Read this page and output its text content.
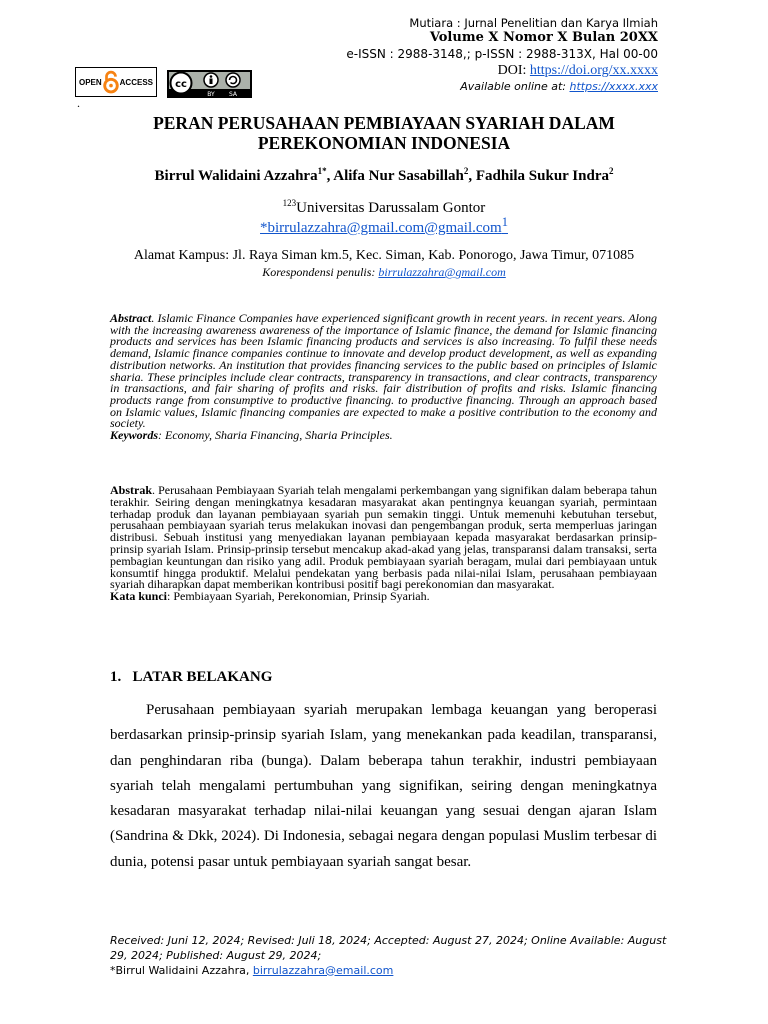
Mutiara : Jurnal Penelitian dan Karya Ilmiah
Volume X Nomor X Bulan 20XX
e-ISSN : 2988-3148,; p-ISSN : 2988-313X, Hal 00-00
DOI: https://doi.org/xx.xxxx
Available online at: https://xxxx.xxx
OPEN ACCESS cc
BY SA
.
PERAN PERUSAHAAN PEMBIAYAAN SYARIAH DALAM
PEREKONOMIAN INDONESIA
Birrul Walidaini Azzahra$^{1*}$, Alifa Nur Sasabillah$^2$, Fadhila Sukur Indra$^2$
$^{123}$Universitas Darussalam Gontor
*birrulazzahra@gmail.com@gmail.com$^1$
Alamat Kampus: Jl. Raya Siman km.5, Kec. Siman, Kab. Ponorogo, Jawa Timur, 071085
Korespondensi penulis: birrulazzahra@gmail.com
Abstract. Islamic Finance Companies have experienced significant growth in recent years. in recent years. Along with the increasing awareness awareness of the importance of Islamic finance, the demand for Islamic financing products and services has been Islamic financing products and services is also increasing. To fulfil these needs demand, Islamic finance companies continue to innovate and develop product development, as well as expanding distribution networks. An institution that provides financing services to the public based on principles of Islamic sharia. These principles include clear contracts, transparency in transactions, and clear contracts, transparency in transactions, and fair sharing of profits and risks. fair distribution of profits and risks. Islamic financing products range from consumptive to productive financing. to productive financing. Through an approach based on Islamic values, Islamic financing companies are expected to make a positive contribution to the economy and society.
Keywords: Economy, Sharia Financing, Sharia Principles.
Abstrak. Perusahaan Pembiayaan Syariah telah mengalami perkembangan yang signifikan dalam beberapa tahun terakhir. Seiring dengan meningkatnya kesadaran masyarakat akan pentingnya keuangan syariah, permintaan terhadap produk dan layanan pembiayaan syariah pun semakin tinggi. Untuk memenuhi kebutuhan tersebut, perusahaan pembiayaan syariah terus melakukan inovasi dan pengembangan produk, serta memperluas jaringan distribusi. Sebuah institusi yang menyediakan layanan pembiayaan kepada masyarakat berdasarkan prinsip-prinsip syariah Islam. Prinsip-prinsip tersebut mencakup akad-akad yang jelas, transparansi dalam transaksi, serta pembagian keuntungan dan risiko yang adil. Produk pembiayaan syariah beragam, mulai dari pembiayaan untuk konsumtif hingga produktif. Melalui pendekatan yang berbasis pada nilai-nilai Islam, perusahaan pembiayaan syariah diharapkan dapat memberikan kontribusi positif bagi perekonomian dan masyarakat.
Kata kunci: Pembiayaan Syariah, Perekonomian, Prinsip Syariah.
1. LATAR BELAKANG
Perusahaan pembiayaan syariah merupakan lembaga keuangan yang beroperasi berdasarkan prinsip-prinsip syariah Islam, yang menekankan pada keadilan, transparansi, dan penghindaran riba (bunga). Dalam beberapa tahun terakhir, industri pembiayaan syariah telah mengalami pertumbuhan yang signifikan, seiring dengan meningkatnya kesadaran masyarakat terhadap nilai-nilai keuangan yang sesuai dengan ajaran Islam (Sandrina & Dkk, 2024). Di Indonesia, sebagai negara dengan populasi Muslim terbesar di dunia, potensi pasar untuk pembiayaan syariah sangat besar.
Received: Juni 12, 2024; Revised: Juli 18, 2024; Accepted: August 27, 2024; Online Available: August 29, 2024; Published: August 29, 2024;
*Birrul Walidaini Azzahra, birrulazzahra@email.com
